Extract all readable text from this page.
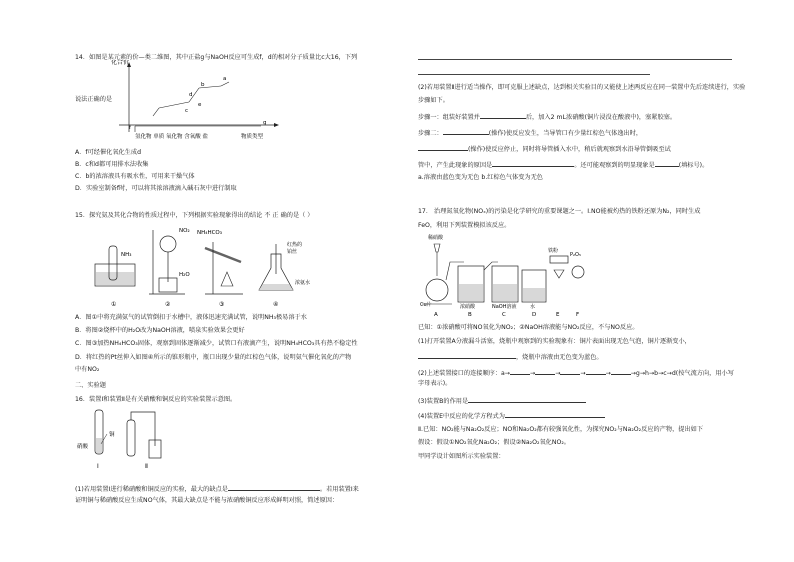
14．如图是某元素的价—类二维图，其中正盐g与NaOH反应可生成f，d的相对分子质量比c大16，下列
化合价
f
d
a
b
e
c
g
氢化物 单质 氧化物 含氧酸 盐	物质类型
说法正确的是
A．f可经催化氧化生成d
B．c和d都可用排水法收集
C．b的浓溶液具有吸水性，可用来干燥气体
D．实验室制备f时，可以将其浓溶液滴入碱石灰中进行制取
15．探究氨及其化合物的性质过程中，下列根据实验现象得出的结论 不 正 确的是（ ）
NH₃
NO₂
H₂O
NH₄HCO₃
红热的
铂丝
浓氨水
①	②	③	④
A．图①中将充满氨气的试管倒扣于水槽中，液体迅速充满试管，说明NH₃极易溶于水
B．将图②烧杯中的H₂O改为NaOH溶液，喷泉实验效果会更好
C．图③加热NH₄HCO₃固体，观察到固体逐渐减少，试管口有液滴产生，说明NH₄HCO₃具有热不稳定性
D．将红热的Pt丝伸入如图④所示的锥形瓶中，瓶口出现少量的红棕色气体，说明氨气催化氧化的产物
中有NO₂
二、实验题
16．装置Ⅰ和装置Ⅱ是有关硝酸和铜反应的实验装置示意图。
硝酸
铜
Ⅰ	Ⅱ
(1)若用装置Ⅰ进行稀硝酸和铜反应的实验，最大的缺点是	。若用装置Ⅰ来
证明铜与稀硝酸反应生成NO气体，其最大缺点是不能与浓硝酸铜反应形成鲜明对照，简述原因：
(2)若用装置Ⅱ进行适当操作，即可克服上述缺点，达到相关实验目的又能使上述两反应在同一装置中先后连续进行，实验
步骤如下。
步骤一：组装好装置并	后，加入2 mL浓硝酸(铜片浸没在酸液中)，塞紧胶塞。
步骤二：	(操作)使反应发生，当导管口有少量红棕色气体逸出时，
(操作)使反应停止，同时将导管插入水中，稍后就观察到水沿导管倒吸至试
管中，产生此现象的原因是	。还可能观察到的明显现象是	(填标号)。
a.溶液由蓝色变为无色 b.红棕色气体变为无色
17． 治理氮氧化物(NOₓ)的污染是化学研究的重要课题之一。Ⅰ.NO能被灼热的铁粉还原为N₂，同时生成
FeO，利用下列装置模拟该反应。
稀硝酸
铁粉
P₂O₅
Cu片	浓硝酸	NaOH溶液	水
A	B	C	D	E	F
已知：①浓硝酸可将NO氧化为NO₂；②NaOH溶液能与NO₂反应，不与NO反应。
(1)打开装置A分液漏斗活塞，烧瓶中观察到的实验现象有：铜片表面出现无色气泡，铜片逐渐变小，
，烧瓶中溶液由无色变为蓝色。
(2)上述装置接口的连接顺序：a→	→	→	→	→	→g→h→b→c→d(按气流方向，用小写
字母表示)。
(3)装置B的作用是
(4)装置E中反应的化学方程式为
Ⅱ.已知：NO₂能与Na₂O₂反应；NO和Na₂O₂都有较强氧化性，为探究NO₂与Na₂O₂反应的产物，提出如下
假设：假设①NO₂氧化Na₂O₂；假设②Na₂O₂氧化NO₂。
甲同学设计如图所示实验装置：
